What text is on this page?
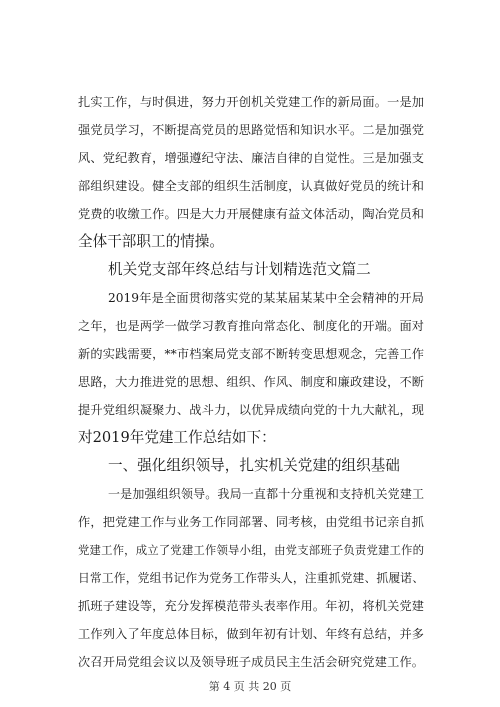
扎实工作，与时俱进，努力开创机关党建工作的新局面。一是加
强党员学习，不断提高党员的思路觉悟和知识水平。二是加强党
风、党纪教育，增强遵纪守法、廉洁自律的自觉性。三是加强支
部组织建设。健全支部的组织生活制度，认真做好党员的统计和
党费的收缴工作。四是大力开展健康有益文体活动，陶冶党员和
全体干部职工的情操。
机关党支部年终总结与计划精选范文篇二
2019年是全面贯彻落实党的某某届某某中全会精神的开局
之年，也是两学一做学习教育推向常态化、制度化的开端。面对
新的实践需要，**市档案局党支部不断转变思想观念，完善工作
思路，大力推进党的思想、组织、作风、制度和廉政建设，不断
提升党组织凝聚力、战斗力，以优异成绩向党的十九大献礼，现
对2019年党建工作总结如下：
一、强化组织领导，扎实机关党建的组织基础
一是加强组织领导。我局一直都十分重视和支持机关党建工
作，把党建工作与业务工作同部署、同考核，由党组书记亲自抓
党建工作，成立了党建工作领导小组，由党支部班子负责党建工作的
日常工作，党组书记作为党务工作带头人，注重抓党建、抓履诺、
抓班子建设等，充分发挥模范带头表率作用。年初，将机关党建
工作列入了年度总体目标，做到年初有计划、年终有总结，并多
次召开局党组会议以及领导班子成员民主生活会研究党建工作。
第 4 页 共 20 页
